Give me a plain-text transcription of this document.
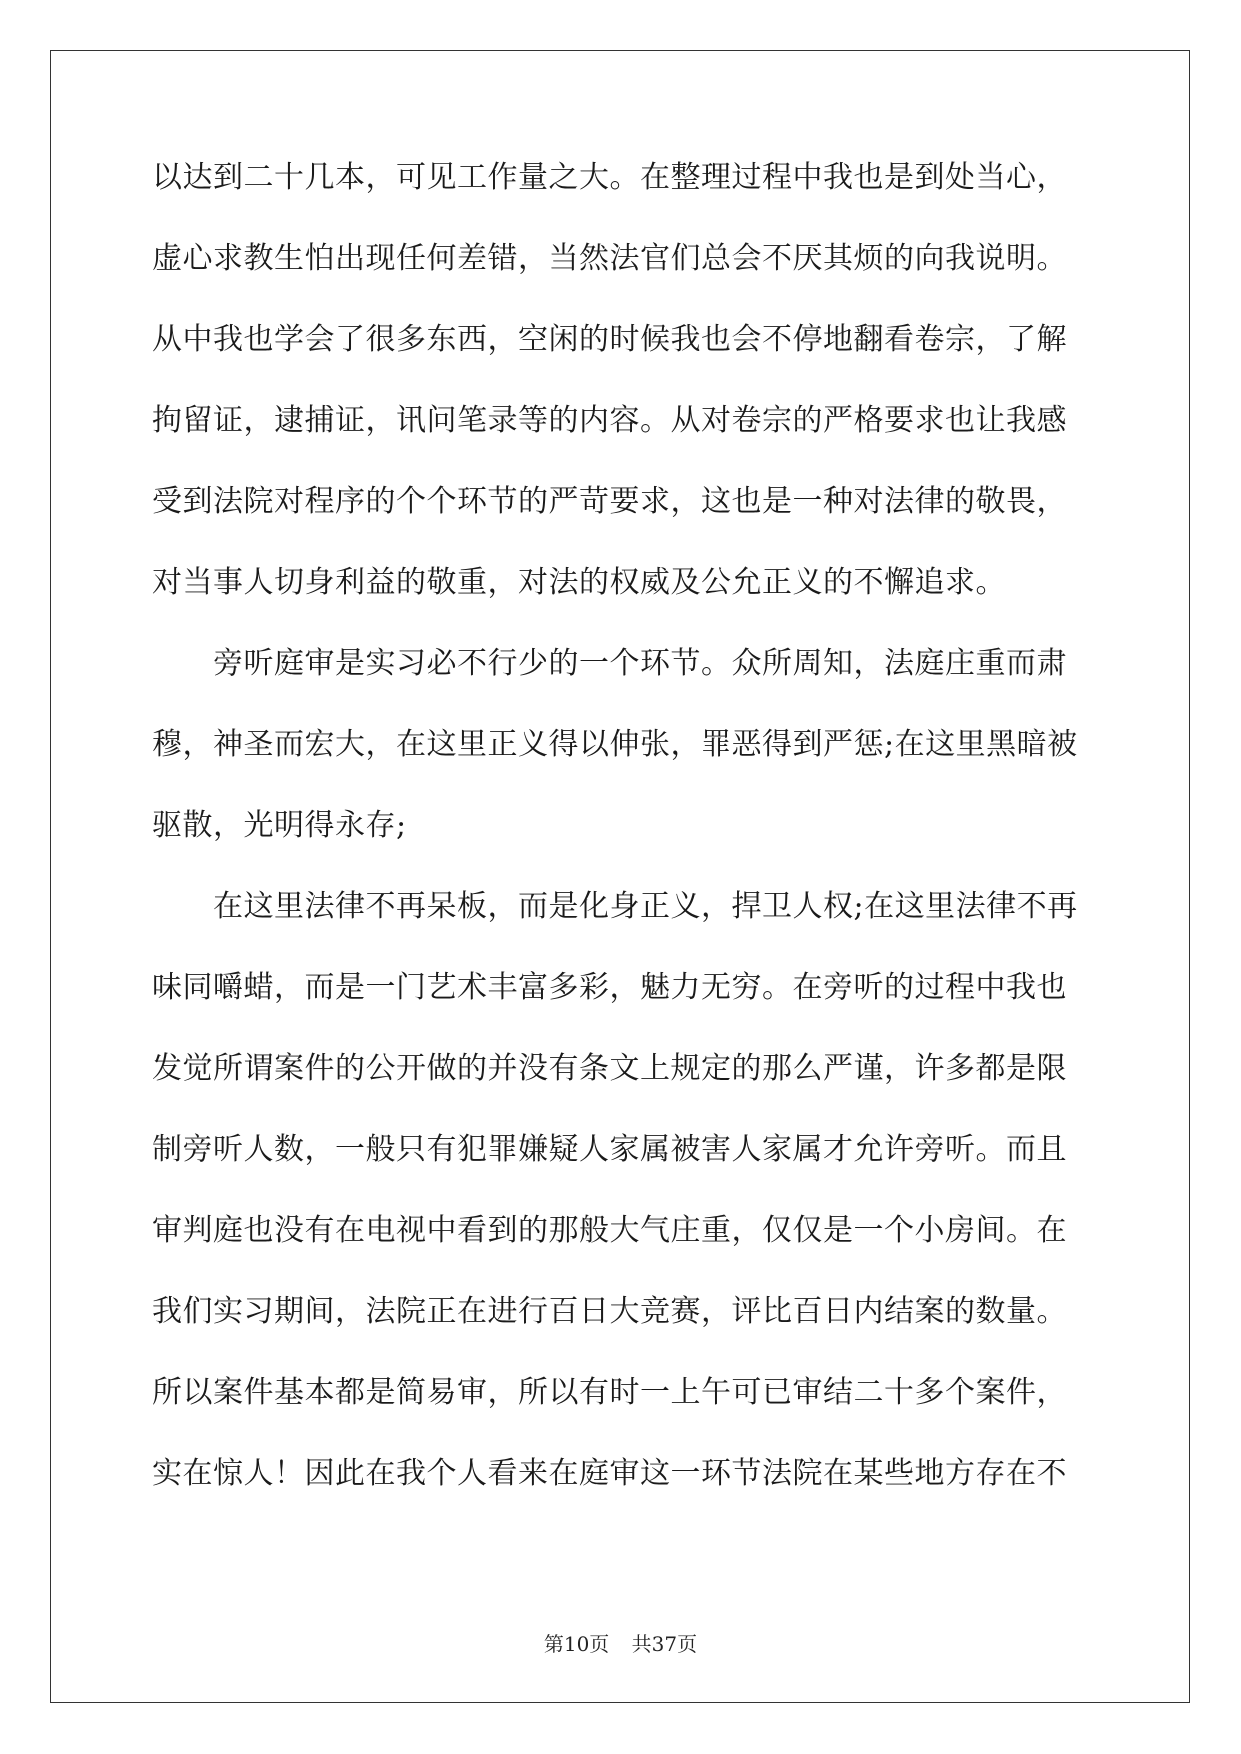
以达到二十几本，可见工作量之大。在整理过程中我也是到处当心，
虚心求教生怕出现任何差错，当然法官们总会不厌其烦的向我说明。
从中我也学会了很多东西，空闲的时候我也会不停地翻看卷宗，了解
拘留证，逮捕证，讯问笔录等的内容。从对卷宗的严格要求也让我感
受到法院对程序的个个环节的严苛要求，这也是一种对法律的敬畏，
对当事人切身利益的敬重，对法的权威及公允正义的不懈追求。
　　旁听庭审是实习必不行少的一个环节。众所周知，法庭庄重而肃
穆，神圣而宏大，在这里正义得以伸张，罪恶得到严惩;在这里黑暗被
驱散，光明得永存;
　　在这里法律不再呆板，而是化身正义，捍卫人权;在这里法律不再
味同嚼蜡，而是一门艺术丰富多彩，魅力无穷。在旁听的过程中我也
发觉所谓案件的公开做的并没有条文上规定的那么严谨，许多都是限
制旁听人数，一般只有犯罪嫌疑人家属被害人家属才允许旁听。而且
审判庭也没有在电视中看到的那般大气庄重，仅仅是一个小房间。在
我们实习期间，法院正在进行百日大竞赛，评比百日内结案的数量。
所以案件基本都是简易审，所以有时一上午可已审结二十多个案件，
实在惊人！因此在我个人看来在庭审这一环节法院在某些地方存在不
第10页 共37页
